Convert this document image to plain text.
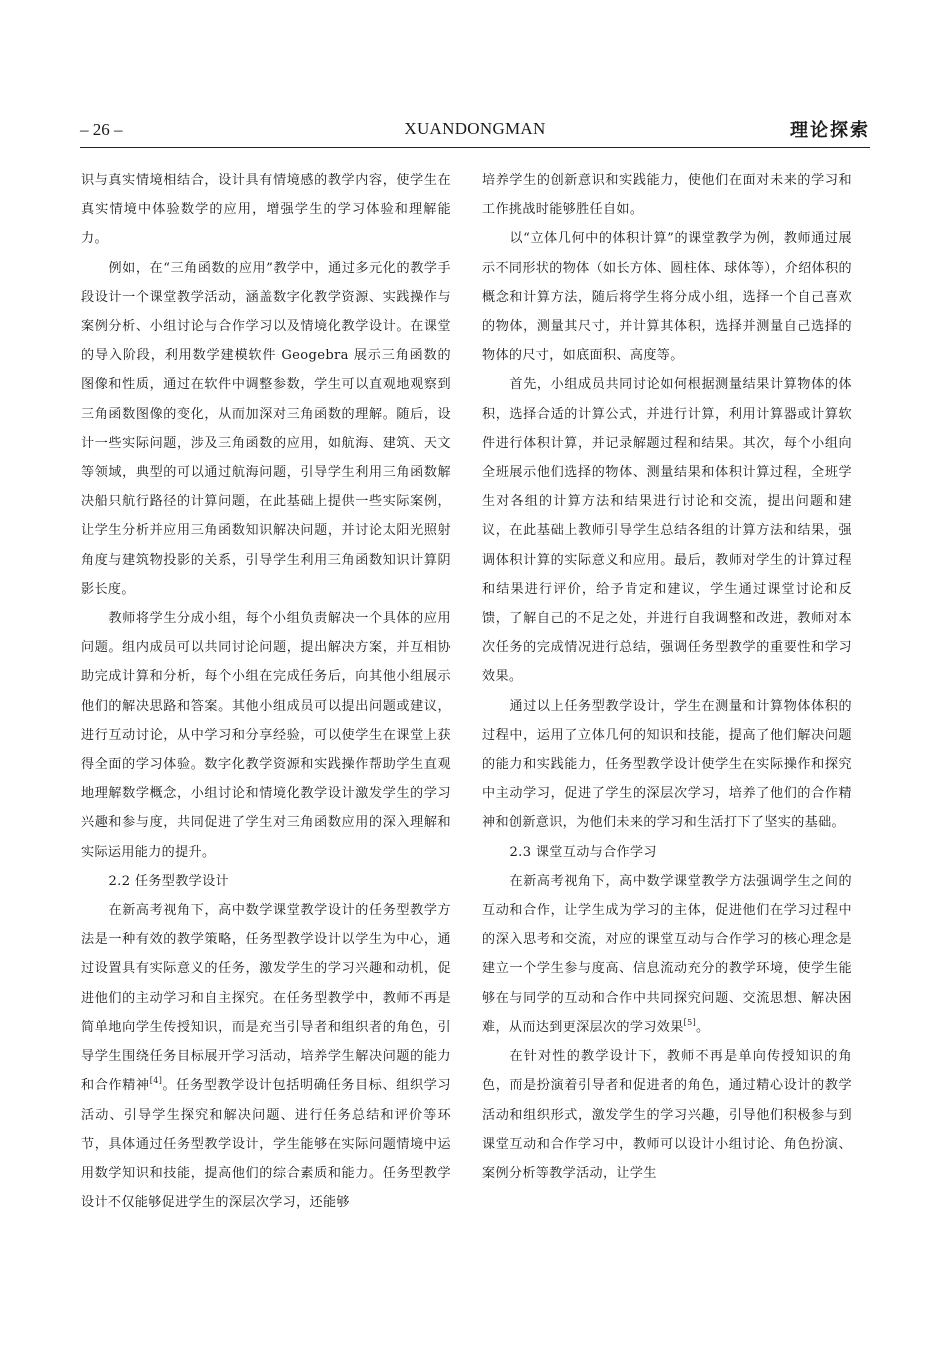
– 26 –	XUANDONGMAN	理论探索

识与真实情境相结合，设计具有情境感的教学内容，使学生在真实情境中体验数学的应用，增强学生的学习体验和理解能力。

例如，在“三角函数的应用”教学中，通过多元化的教学手段设计一个课堂教学活动，涵盖数字化教学资源、实践操作与案例分析、小组讨论与合作学习以及情境化教学设计。在课堂的导入阶段，利用数学建模软件 Geogebra 展示三角函数的图像和性质，通过在软件中调整参数，学生可以直观地观察到三角函数图像的变化，从而加深对三角函数的理解。随后，设计一些实际问题，涉及三角函数的应用，如航海、建筑、天文等领域，典型的可以通过航海问题，引导学生利用三角函数解决船只航行路径的计算问题，在此基础上提供一些实际案例，让学生分析并应用三角函数知识解决问题，并讨论太阳光照射角度与建筑物投影的关系，引导学生利用三角函数知识计算阴影长度。

教师将学生分成小组，每个小组负责解决一个具体的应用问题。组内成员可以共同讨论问题，提出解决方案，并互相协助完成计算和分析，每个小组在完成任务后，向其他小组展示他们的解决思路和答案。其他小组成员可以提出问题或建议，进行互动讨论，从中学习和分享经验，可以使学生在课堂上获得全面的学习体验。数字化教学资源和实践操作帮助学生直观地理解数学概念，小组讨论和情境化教学设计激发学生的学习兴趣和参与度，共同促进了学生对三角函数应用的深入理解和实际运用能力的提升。

2.2 任务型教学设计

在新高考视角下，高中数学课堂教学设计的任务型教学方法是一种有效的教学策略，任务型教学设计以学生为中心，通过设置具有实际意义的任务，激发学生的学习兴趣和动机，促进他们的主动学习和自主探究。在任务型教学中，教师不再是简单地向学生传授知识，而是充当引导者和组织者的角色，引导学生围绕任务目标展开学习活动，培养学生解决问题的能力和合作精神[4]。任务型教学设计包括明确任务目标、组织学习活动、引导学生探究和解决问题、进行任务总结和评价等环节，具体通过任务型教学设计，学生能够在实际问题情境中运用数学知识和技能，提高他们的综合素质和能力。任务型教学设计不仅能够促进学生的深层次学习，还能够

培养学生的创新意识和实践能力，使他们在面对未来的学习和工作挑战时能够胜任自如。

以“立体几何中的体积计算”的课堂教学为例，教师通过展示不同形状的物体（如长方体、圆柱体、球体等），介绍体积的概念和计算方法，随后将学生将分成小组，选择一个自己喜欢的物体，测量其尺寸，并计算其体积，选择并测量自己选择的物体的尺寸，如底面积、高度等。

首先，小组成员共同讨论如何根据测量结果计算物体的体积，选择合适的计算公式，并进行计算，利用计算器或计算软件进行体积计算，并记录解题过程和结果。其次，每个小组向全班展示他们选择的物体、测量结果和体积计算过程，全班学生对各组的计算方法和结果进行讨论和交流，提出问题和建议，在此基础上教师引导学生总结各组的计算方法和结果，强调体积计算的实际意义和应用。最后，教师对学生的计算过程和结果进行评价，给予肯定和建议，学生通过课堂讨论和反馈，了解自己的不足之处，并进行自我调整和改进，教师对本次任务的完成情况进行总结，强调任务型教学的重要性和学习效果。

通过以上任务型教学设计，学生在测量和计算物体体积的过程中，运用了立体几何的知识和技能，提高了他们解决问题的能力和实践能力，任务型教学设计使学生在实际操作和探究中主动学习，促进了学生的深层次学习，培养了他们的合作精神和创新意识，为他们未来的学习和生活打下了坚实的基础。

2.3 课堂互动与合作学习

在新高考视角下，高中数学课堂教学方法强调学生之间的互动和合作，让学生成为学习的主体，促进他们在学习过程中的深入思考和交流，对应的课堂互动与合作学习的核心理念是建立一个学生参与度高、信息流动充分的教学环境，使学生能够在与同学的互动和合作中共同探究问题、交流思想、解决困难，从而达到更深层次的学习效果[5]。

在针对性的教学设计下，教师不再是单向传授知识的角色，而是扮演着引导者和促进者的角色，通过精心设计的教学活动和组织形式，激发学生的学习兴趣，引导他们积极参与到课堂互动和合作学习中，教师可以设计小组讨论、角色扮演、案例分析等教学活动，让学生
